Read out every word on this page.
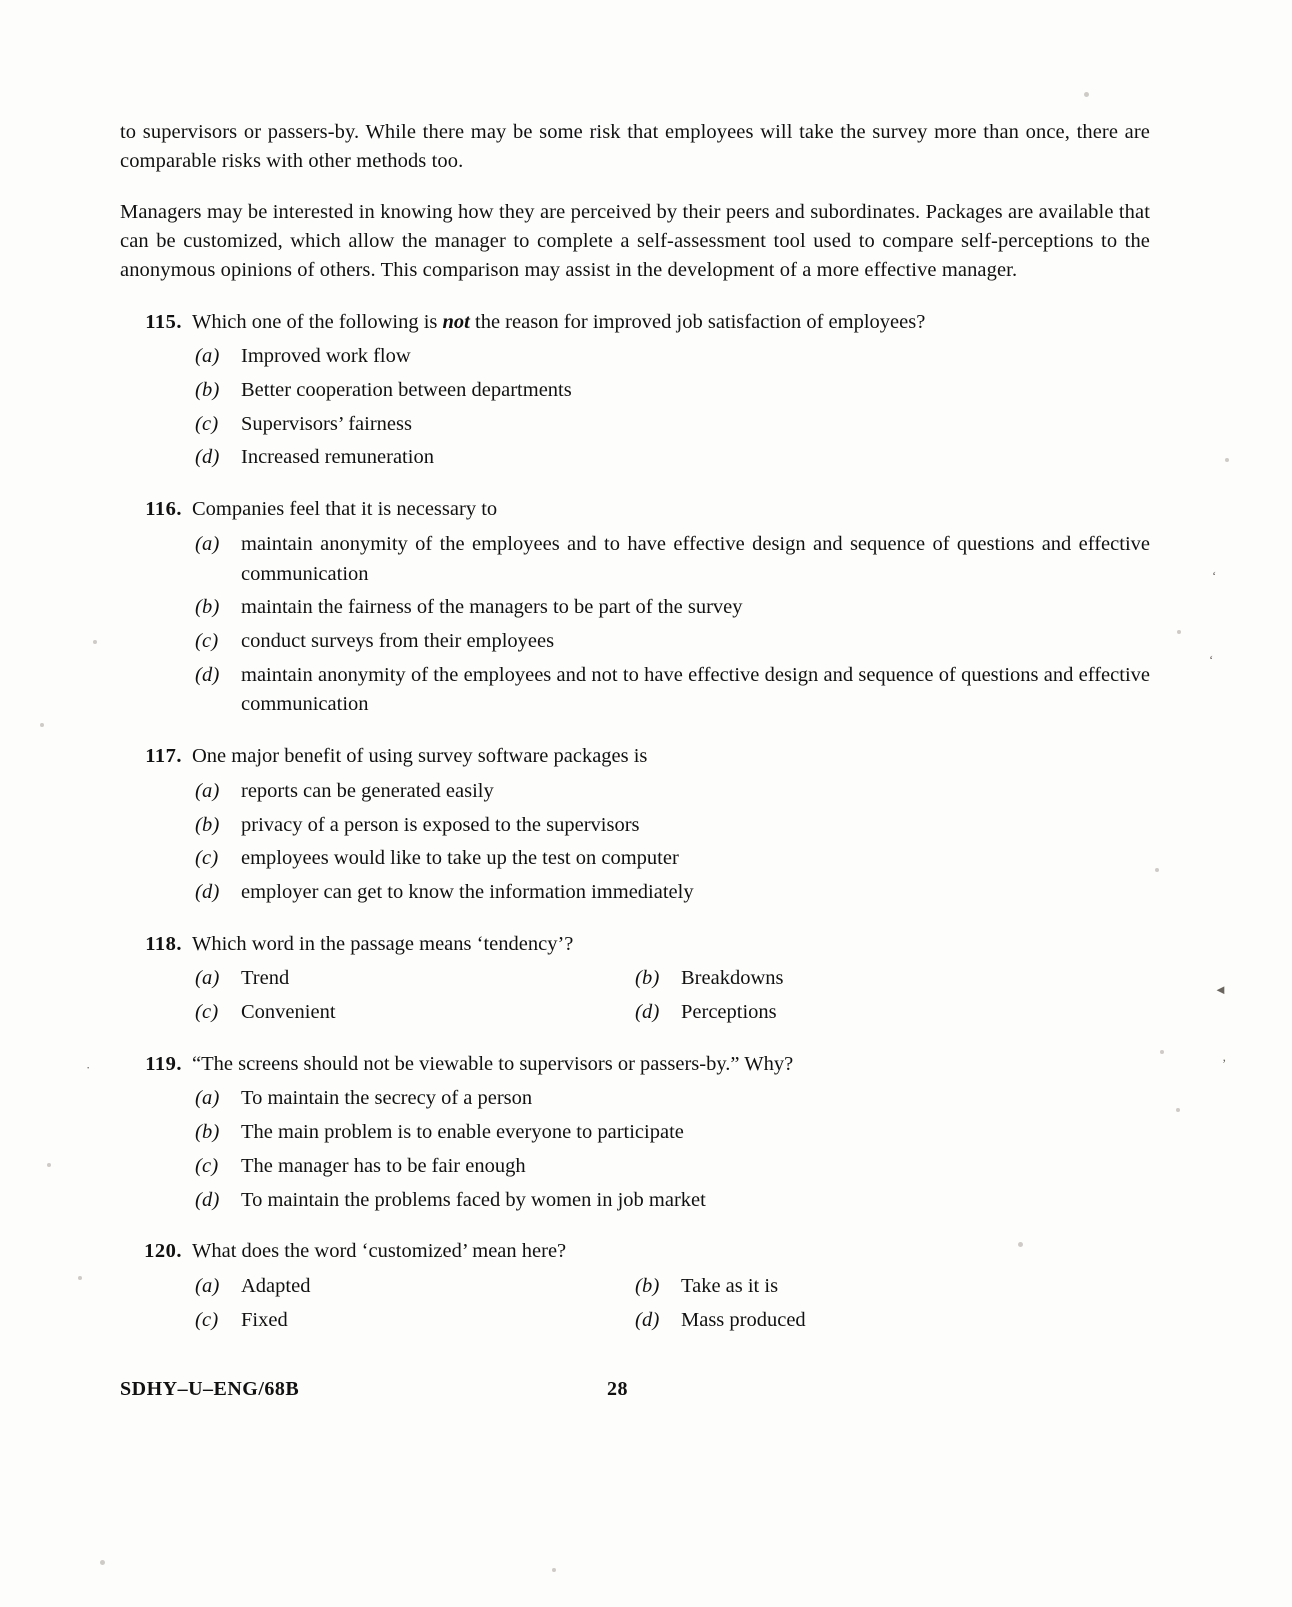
ʻ
ʻ
◄
ʼ
·

to supervisors or passers-by. While there may be some risk that employees will take the survey more than once, there are comparable risks with other methods too.

Managers may be interested in knowing how they are perceived by their peers and subordinates. Packages are available that can be customized, which allow the manager to complete a self-assessment tool used to compare self-perceptions to the anonymous opinions of others. This comparison may assist in the development of a more effective manager.

115. Which one of the following is not the reason for improved job satisfaction of employees?
(a)	Improved work flow
(b)	Better cooperation between departments
(c)	Supervisors’ fairness
(d)	Increased remuneration
116. Companies feel that it is necessary to
(a)	maintain anonymity of the employees and to have effective design and sequence of questions and effective communication
(b)	maintain the fairness of the managers to be part of the survey
(c)	conduct surveys from their employees
(d)	maintain anonymity of the employees and not to have effective design and sequence of questions and effective communication
117. One major benefit of using survey software packages is
(a)	reports can be generated easily
(b)	privacy of a person is exposed to the supervisors
(c)	employees would like to take up the test on computer
(d)	employer can get to know the information immediately
118. Which word in the passage means ‘tendency’?
(a)	Trend	(b)	Breakdowns
(c)	Convenient	(d)	Perceptions
119. “The screens should not be viewable to supervisors or passers-by.” Why?
(a)	To maintain the secrecy of a person
(b)	The main problem is to enable everyone to participate
(c)	The manager has to be fair enough
(d)	To maintain the problems faced by women in job market
120. What does the word ‘customized’ mean here?
(a)	Adapted	(b)	Take as it is
(c)	Fixed	(d)	Mass produced
SDHY–U–ENG/68B	28
